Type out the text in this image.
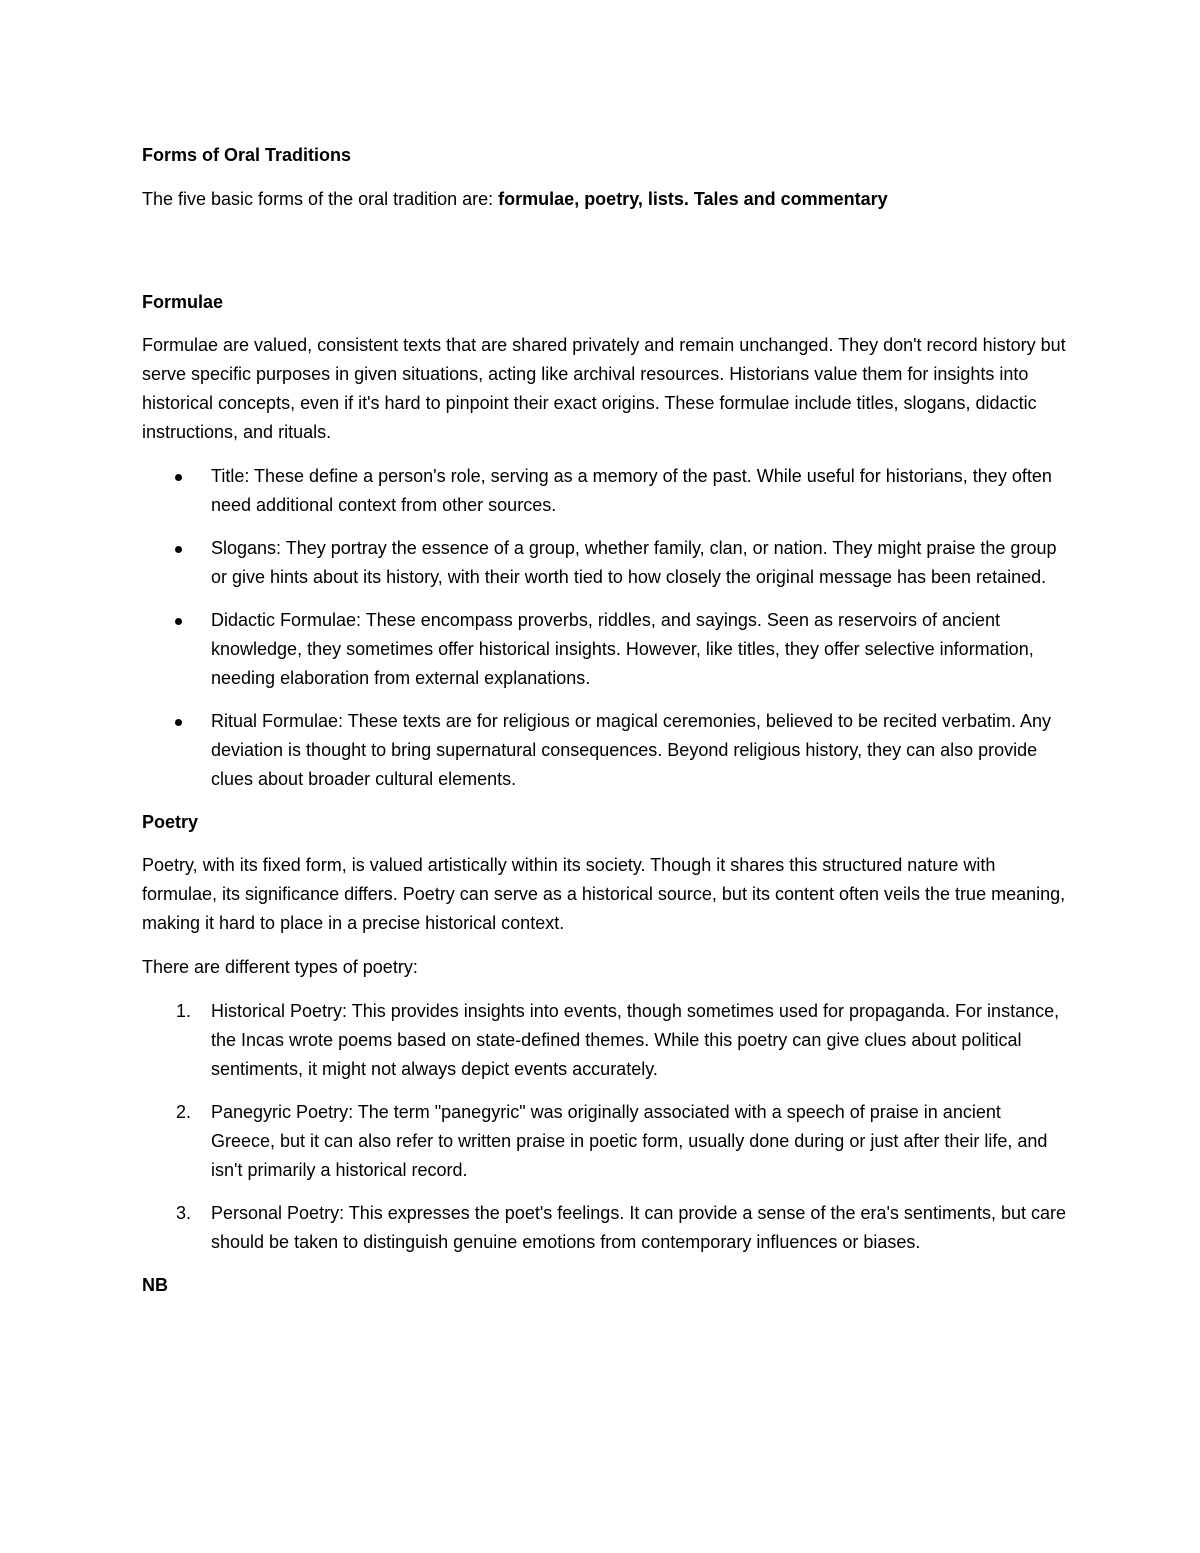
Forms of Oral Traditions

The five basic forms of the oral tradition are: formulae, poetry, lists. Tales and commentary

Formulae

Formulae are valued, consistent texts that are shared privately and remain unchanged. They don't record history but serve specific purposes in given situations, acting like archival resources. Historians value them for insights into historical concepts, even if it's hard to pinpoint their exact origins. These formulae include titles, slogans, didactic instructions, and rituals.

Title: These define a person's role, serving as a memory of the past. While useful for historians, they often need additional context from other sources.
Slogans: They portray the essence of a group, whether family, clan, or nation. They might praise the group or give hints about its history, with their worth tied to how closely the original message has been retained.
Didactic Formulae: These encompass proverbs, riddles, and sayings. Seen as reservoirs of ancient knowledge, they sometimes offer historical insights. However, like titles, they offer selective information, needing elaboration from external explanations.
Ritual Formulae: These texts are for religious or magical ceremonies, believed to be recited verbatim. Any deviation is thought to bring supernatural consequences. Beyond religious history, they can also provide clues about broader cultural elements.

Poetry

Poetry, with its fixed form, is valued artistically within its society. Though it shares this structured nature with formulae, its significance differs. Poetry can serve as a historical source, but its content often veils the true meaning, making it hard to place in a precise historical context.

There are different types of poetry:

1. Historical Poetry: This provides insights into events, though sometimes used for propaganda. For instance, the Incas wrote poems based on state-defined themes. While this poetry can give clues about political sentiments, it might not always depict events accurately.
2. Panegyric Poetry: The term "panegyric" was originally associated with a speech of praise in ancient Greece, but it can also refer to written praise in poetic form, usually done during or just after their life, and isn't primarily a historical record.
3. Personal Poetry: This expresses the poet's feelings. It can provide a sense of the era's sentiments, but care should be taken to distinguish genuine emotions from contemporary influences or biases.

NB
